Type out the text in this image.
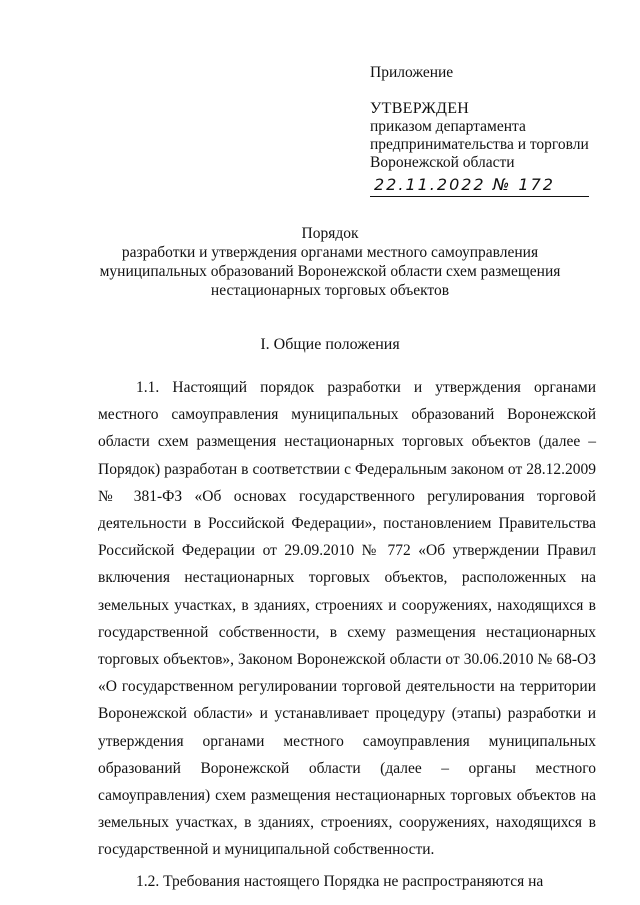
Приложение
УТВЕРЖДЕН
приказом департамента
предпринимательства и торговли
Воронежской области
22.11.2022 № 172
Порядок
разработки и утверждения органами местного самоуправления
муниципальных образований Воронежской области схем размещения
нестационарных торговых объектов
I. Общие положения

1.1. Настоящий порядок разработки и утверждения органами местного самоуправления муниципальных образований Воронежской области схем размещения нестационарных торговых объектов (далее – Порядок) разработан в соответствии с Федеральным законом от 28.12.2009 № 381-ФЗ «Об основах государственного регулирования торговой деятельности в Российской Федерации», постановлением Правительства Российской Федерации от 29.09.2010 № 772 «Об утверждении Правил включения нестационарных торговых объектов, расположенных на земельных участках, в зданиях, строениях и сооружениях, находящихся в государственной собственности, в схему размещения нестационарных торговых объектов», Законом Воронежской области от 30.06.2010 № 68-ОЗ «О государственном регулировании торговой деятельности на территории Воронежской области» и устанавливает процедуру (этапы) разработки и утверждения органами местного самоуправления муниципальных образований Воронежской области (далее – органы местного самоуправления) схем размещения нестационарных торговых объектов на земельных участках, в зданиях, строениях, сооружениях, находящихся в государственной и муниципальной собственности.

1.2. Требования настоящего Порядка не распространяются на
